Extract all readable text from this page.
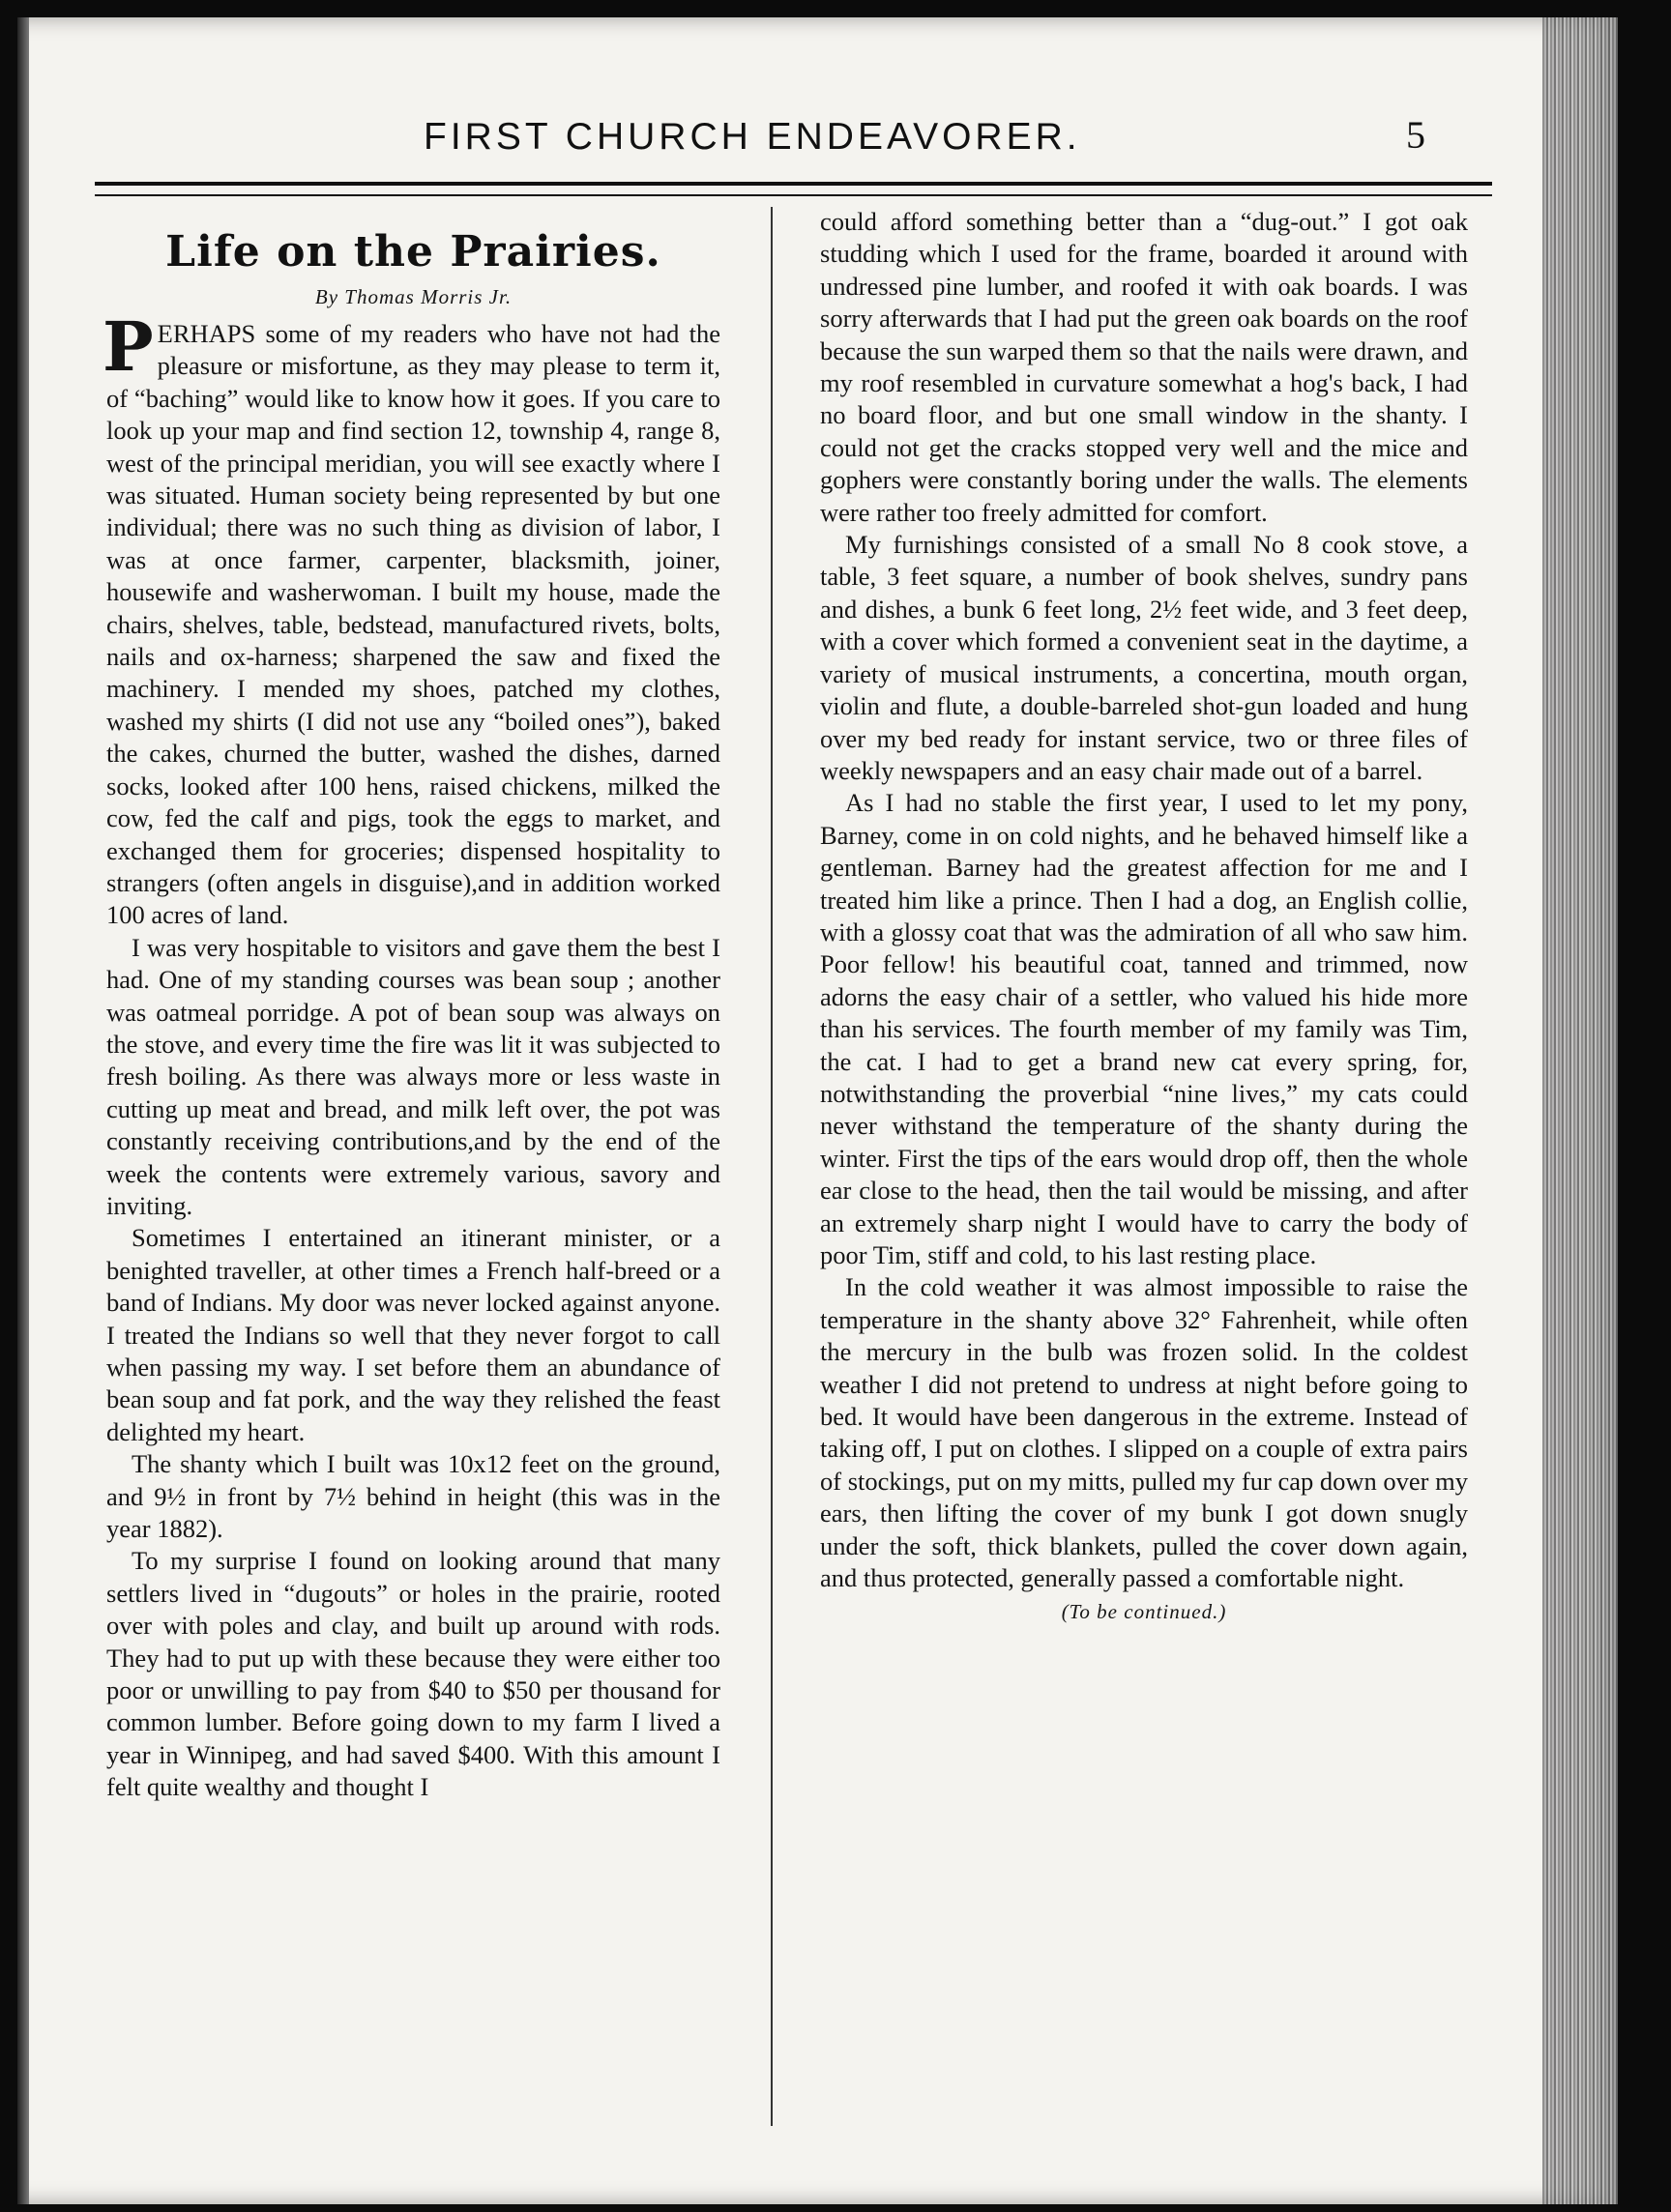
FIRST CHURCH ENDEAVORER.	5
Life on the Prairies.
By Thomas Morris Jr.

PERHAPS some of my readers who have not had the pleasure or misfortune, as they may please to term it, of “baching” would like to know how it goes. If you care to look up your map and find section 12, township 4, range 8, west of the principal meridian, you will see exactly where I was situated. Human society being represented by but one individual; there was no such thing as division of labor, I was at once farmer, carpenter, blacksmith, joiner, housewife and washerwoman. I built my house, made the chairs, shelves, table, bedstead, manufactured rivets, bolts, nails and ox-harness; sharpened the saw and fixed the machinery. I mended my shoes, patched my clothes, washed my shirts (I did not use any “boiled ones”), baked the cakes, churned the butter, washed the dishes, darned socks, looked after 100 hens, raised chickens, milked the cow, fed the calf and pigs, took the eggs to market, and exchanged them for groceries; dispensed hospitality to strangers (often angels in disguise),and in addition worked 100 acres of land.

I was very hospitable to visitors and gave them the best I had. One of my standing courses was bean soup ; another was oatmeal porridge. A pot of bean soup was always on the stove, and every time the fire was lit it was subjected to fresh boiling. As there was always more or less waste in cutting up meat and bread, and milk left over, the pot was constantly receiving contributions,and by the end of the week the contents were extremely various, savory and inviting.

Sometimes I entertained an itinerant minister, or a benighted traveller, at other times a French half-breed or a band of Indians. My door was never locked against anyone. I treated the Indians so well that they never forgot to call when passing my way. I set before them an abundance of bean soup and fat pork, and the way they relished the feast delighted my heart.

The shanty which I built was 10x12 feet on the ground, and 9½ in front by 7½ behind in height (this was in the year 1882).

To my surprise I found on looking around that many settlers lived in “dugouts” or holes in the prairie, rooted over with poles and clay, and built up around with rods. They had to put up with these because they were either too poor or unwilling to pay from $40 to $50 per thousand for common lumber. Before going down to my farm I lived a year in Winnipeg, and had saved $400. With this amount I felt quite wealthy and thought I

could afford something better than a “dug-out.” I got oak studding which I used for the frame, boarded it around with undressed pine lumber, and roofed it with oak boards. I was sorry afterwards that I had put the green oak boards on the roof because the sun warped them so that the nails were drawn, and my roof resembled in curvature somewhat a hog's back, I had no board floor, and but one small window in the shanty. I could not get the cracks stopped very well and the mice and gophers were constantly boring under the walls. The elements were rather too freely admitted for comfort.

My furnishings consisted of a small No 8 cook stove, a table, 3 feet square, a number of book shelves, sundry pans and dishes, a bunk 6 feet long, 2½ feet wide, and 3 feet deep, with a cover which formed a convenient seat in the daytime, a variety of musical instruments, a concertina, mouth organ, violin and flute, a double-barreled shot-gun loaded and hung over my bed ready for instant service, two or three files of weekly newspapers and an easy chair made out of a barrel.

As I had no stable the first year, I used to let my pony, Barney, come in on cold nights, and he behaved himself like a gentleman. Barney had the greatest affection for me and I treated him like a prince. Then I had a dog, an English collie, with a glossy coat that was the admiration of all who saw him. Poor fellow! his beautiful coat, tanned and trimmed, now adorns the easy chair of a settler, who valued his hide more than his services. The fourth member of my family was Tim, the cat. I had to get a brand new cat every spring, for, notwithstanding the proverbial “nine lives,” my cats could never withstand the temperature of the shanty during the winter. First the tips of the ears would drop off, then the whole ear close to the head, then the tail would be missing, and after an extremely sharp night I would have to carry the body of poor Tim, stiff and cold, to his last resting place.

In the cold weather it was almost impossible to raise the temperature in the shanty above 32° Fahrenheit, while often the mercury in the bulb was frozen solid. In the coldest weather I did not pretend to undress at night before going to bed. It would have been dangerous in the extreme. Instead of taking off, I put on clothes. I slipped on a couple of extra pairs of stockings, put on my mitts, pulled my fur cap down over my ears, then lifting the cover of my bunk I got down snugly under the soft, thick blankets, pulled the cover down again, and thus protected, generally passed a comfortable night.

(To be continued.)
